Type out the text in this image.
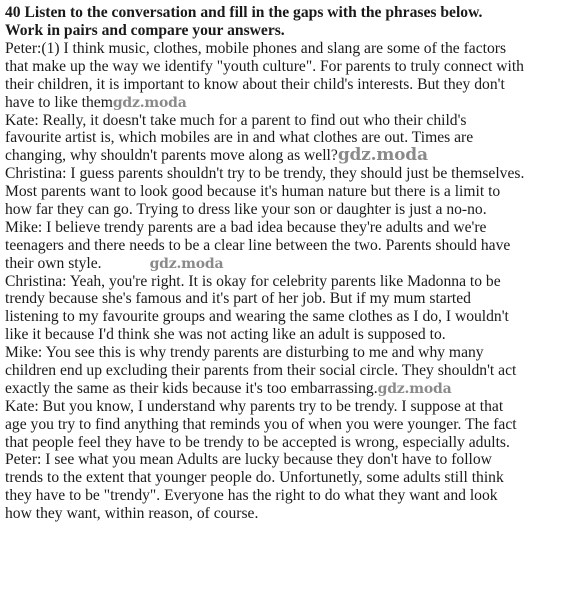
40 Listen to the conversation and fill in the gaps with the phrases below.
Work in pairs and compare your answers.
Peter:(1) I think music, clothes, mobile phones and slang are some of the factors
that make up the way we identify "youth culture". For parents to truly connect with
their children, it is important to know about their child's interests. But they don't
have to like themgdz.moda
Kate: Really, it doesn't take much for a parent to find out who their child's
favourite artist is, which mobiles are in and what clothes are out. Times are
changing, why shouldn't parents move along as well?gdz.moda
Christina: I guess parents shouldn't try to be trendy, they should just be themselves.
Most parents want to look good because it's human nature but there is a limit to
how far they can go. Trying to dress like your son or daughter is just a no-no.
Mike: I believe trendy parents are a bad idea because they're adults and we're
teenagers and there needs to be a clear line between the two. Parents should have
their own style.	gdz.moda
Christina: Yeah, you're right. It is okay for celebrity parents like Madonna to be
trendy because she's famous and it's part of her job. But if my mum started
listening to my favourite groups and wearing the same clothes as I do, I wouldn't
like it because I'd think she was not acting like an adult is supposed to.
Mike: You see this is why trendy parents are disturbing to me and why many
children end up excluding their parents from their social circle. They shouldn't act
exactly the same as their kids because it's too embarrassing.gdz.moda
Kate: But you know, I understand why parents try to be trendy. I suppose at that
age you try to find anything that reminds you of when you were younger. The fact
that people feel they have to be trendy to be accepted is wrong, especially adults.
Peter: I see what you mean Adults are lucky because they don't have to follow
trends to the extent that younger people do. Unfortunetly, some adults still think
they have to be "trendy". Everyone has the right to do what they want and look
how they want, within reason, of course.
